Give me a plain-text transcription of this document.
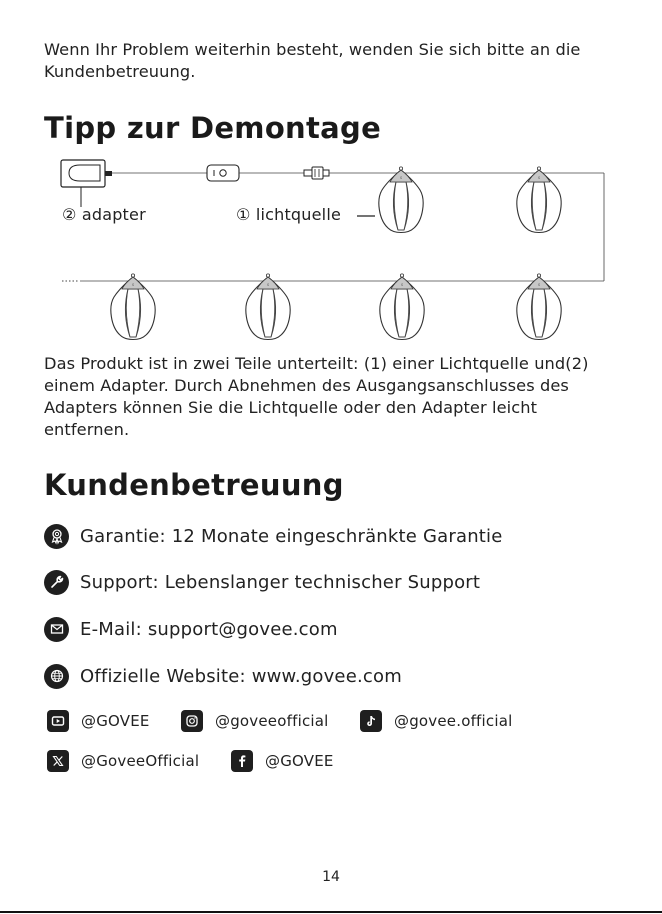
Wenn Ihr Problem weiterhin besteht, wenden Sie sich bitte an die
Kundenbetreuung.
Tipp zur Demontage
② adapter	① lichtquelle
Das Produkt ist in zwei Teile unterteilt: (1) einer Lichtquelle und(2)
einem Adapter. Durch Abnehmen des Ausgangsanschlusses des
Adapters können Sie die Lichtquelle oder den Adapter leicht
entfernen.
Kundenbetreuung
Garantie: 12 Monate eingeschränkte Garantie
Support: Lebenslanger technischer Support
E-Mail: support@govee.com
Offizielle Website: www.govee.com
@GOVEE	@goveeofficial	@govee.official
@GoveeOfficial	@GOVEE
14
